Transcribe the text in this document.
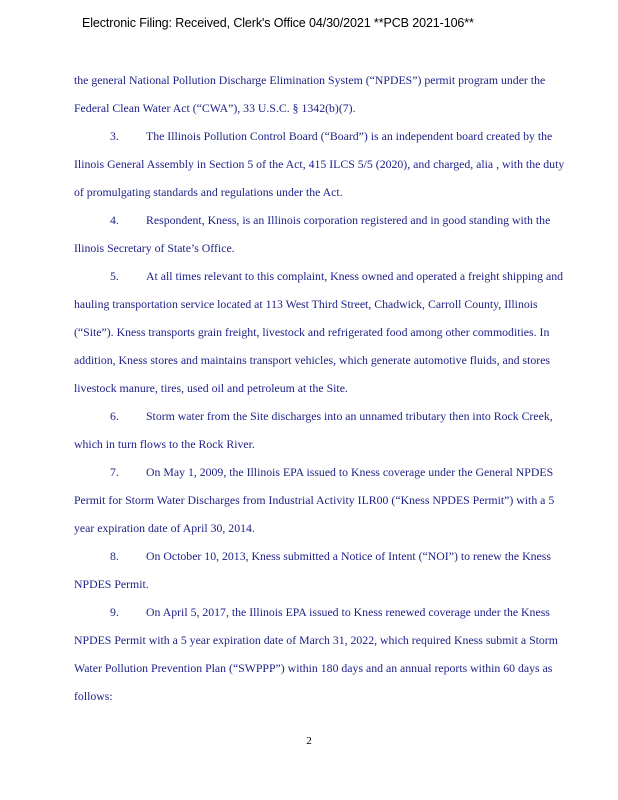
Electronic Filing: Received, Clerk's Office 04/30/2021 **PCB 2021-106**

the general National Pollution Discharge Elimination System (“NPDES”) permit program under the Federal Clean Water Act (“CWA”), 33 U.S.C. § 1342(b)(7).

3. The Illinois Pollution Control Board (“Board”) is an independent board created by the Ilinois General Assembly in Section 5 of the Act, 415 ILCS 5/5 (2020), and charged, alia , with the duty of promulgating standards and regulations under the Act.

4. Respondent, Kness, is an Illinois corporation registered and in good standing with the Ilinois Secretary of State’s Office.

5. At all times relevant to this complaint, Kness owned and operated a freight shipping and hauling transportation service located at 113 West Third Street, Chadwick, Carroll County, Illinois (“Site”). Kness transports grain freight, livestock and refrigerated food among other commodities. In addition, Kness stores and maintains transport vehicles, which generate automotive fluids, and stores livestock manure, tires, used oil and petroleum at the Site.

6. Storm water from the Site discharges into an unnamed tributary then into Rock Creek, which in turn flows to the Rock River.

7. On May 1, 2009, the Illinois EPA issued to Kness coverage under the General NPDES Permit for Storm Water Discharges from Industrial Activity ILR00 (“Kness NPDES Permit”) with a 5 year expiration date of April 30, 2014.

8. On October 10, 2013, Kness submitted a Notice of Intent (“NOI”) to renew the Kness NPDES Permit.

9. On April 5, 2017, the Illinois EPA issued to Kness renewed coverage under the Kness NPDES Permit with a 5 year expiration date of March 31, 2022, which required Kness submit a Storm Water Pollution Prevention Plan (“SWPPP”) within 180 days and an annual reports within 60 days as follows:

2
